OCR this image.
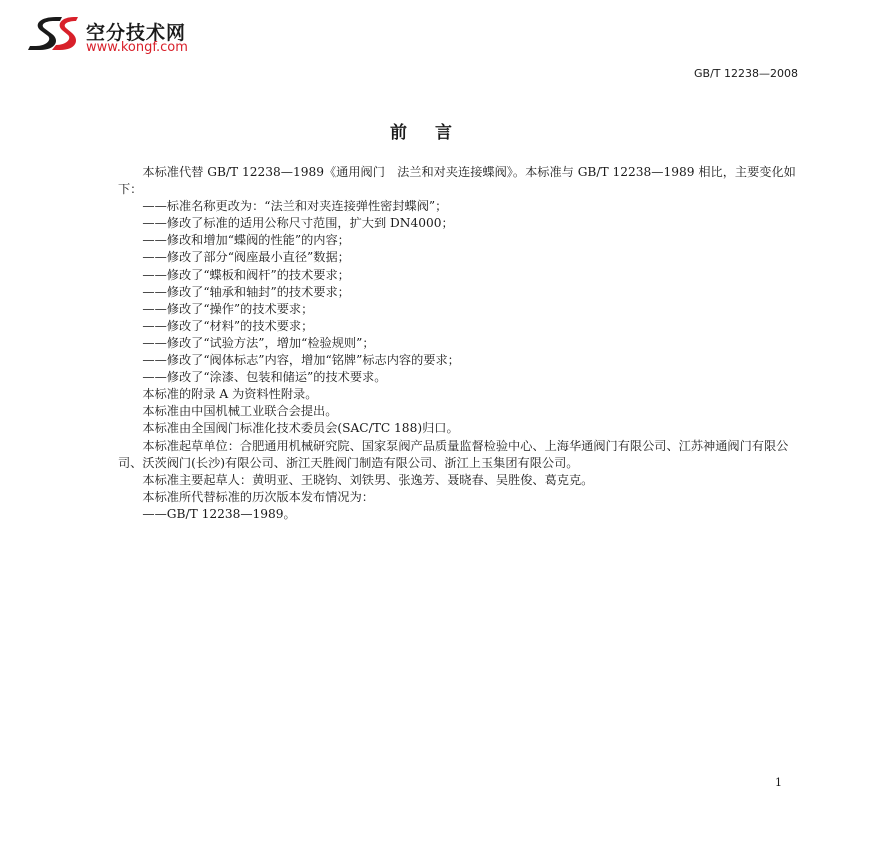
空分技术网
www.kongf.com
GB/T 12238—2008
前言

本标准代替 GB/T 12238—1989《通用阀门　法兰和对夹连接蝶阀》。本标准与 GB/T 12238—1989 相比，主要变化如下：

——标准名称更改为：“法兰和对夹连接弹性密封蝶阀”；

——修改了标准的适用公称尺寸范围，扩大到 DN4000；

——修改和增加“蝶阀的性能”的内容；

——修改了部分“阀座最小直径”数据；

——修改了“蝶板和阀杆”的技术要求；

——修改了“轴承和轴封”的技术要求；

——修改了“操作”的技术要求；

——修改了“材料”的技术要求；

——修改了“试验方法”，增加“检验规则”；

——修改了“阀体标志”内容，增加“铭牌”标志内容的要求；

——修改了“涂漆、包装和储运”的技术要求。

本标准的附录 A 为资料性附录。

本标准由中国机械工业联合会提出。

本标准由全国阀门标准化技术委员会(SAC/TC 188)归口。

本标准起草单位：合肥通用机械研究院、国家泵阀产品质量监督检验中心、上海华通阀门有限公司、江苏神通阀门有限公司、沃茨阀门(长沙)有限公司、浙江天胜阀门制造有限公司、浙江上玉集团有限公司。

本标准主要起草人：黄明亚、王晓钧、刘铁男、张逸芳、聂晓春、吴胜俊、葛克克。

本标准所代替标准的历次版本发布情况为：

——GB/T 12238—1989。

1
